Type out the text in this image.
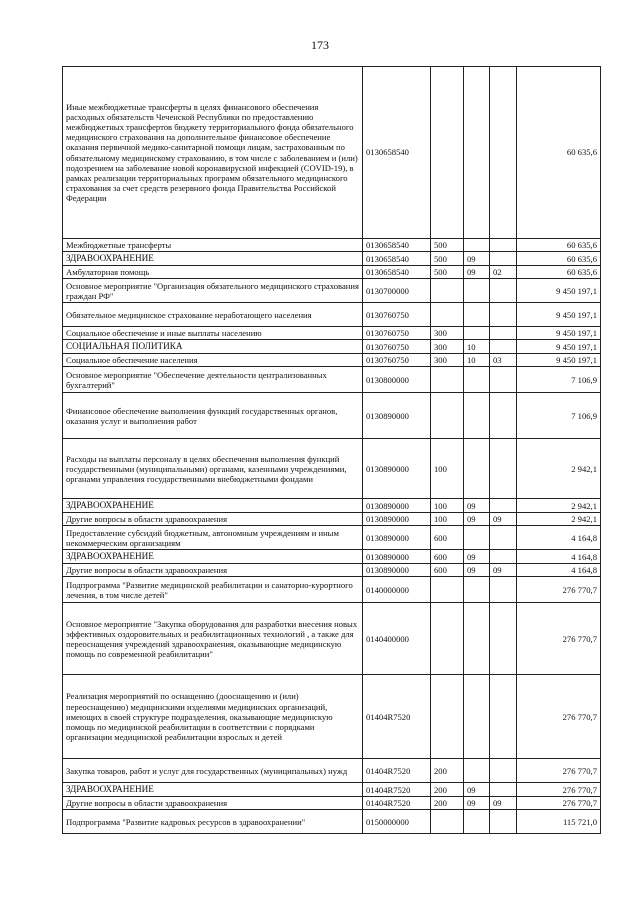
173
Иные межбюджетные трансферты в целях финансового обеспечения расходных обязательств Чеченской Республики по предоставлению межбюджетных трансфертов бюджету территориального фонда обязательного медицинского страхования на дополнительное финансовое обеспечение оказания первичной медико-санитарной помощи лицам, застрахованным по обязательному медицинскому страхованию, в том числе с заболеванием и (или) подозрением на заболевание новой коронавирусной инфекцией (COVID-19), в рамках реализации территориальных программ обязательного медицинского страхования за счет средств резервного фонда Правительства Российской Федерации	0130658540				60 635,6
Межбюджетные трансферты	0130658540	500			60 635,6
ЗДРАВООХРАНЕНИЕ	0130658540	500	09		60 635,6
Амбулаторная помощь	0130658540	500	09	02	60 635,6
Основное мероприятие "Организация обязательного медицинского страхования граждан РФ"	0130700000				9 450 197,1
Обязательное медицинское страхование неработающего населения	0130760750				9 450 197,1
Социальное обеспечение и иные выплаты населению	0130760750	300			9 450 197,1
СОЦИАЛЬНАЯ ПОЛИТИКА	0130760750	300	10		9 450 197,1
Социальное обеспечение населения	0130760750	300	10	03	9 450 197,1
Основное мероприятие "Обеспечение деятельности централизованных бухгалтерий"	0130800000				7 106,9
Финансовое обеспечение выполнения функций государственных органов, оказания услуг и выполнения работ	0130890000				7 106,9
Расходы на выплаты персоналу в целях обеспечения выполнения функций государственными (муниципальными) органами, казенными учреждениями, органами управления государственными внебюджетными фондами	0130890000	100			2 942,1
ЗДРАВООХРАНЕНИЕ	0130890000	100	09		2 942,1
Другие вопросы в области здравоохранения	0130890000	100	09	09	2 942,1
Предоставление субсидий бюджетным, автономным учреждениям и иным некоммерческим организациям	0130890000	600			4 164,8
ЗДРАВООХРАНЕНИЕ	0130890000	600	09		4 164,8
Другие вопросы в области здравоохранения	0130890000	600	09	09	4 164,8
Подпрограмма "Развитие медицинской реабилитации и санаторно-курортного лечения, в том числе детей"	0140000000				276 770,7
Основное мероприятие "Закупка оборудования для разработки внесения новых эффективных оздоровительных и реабилитационных технологий , а также для переоснащения учреждений здравоохранения, оказывающие медицинскую помощь по современной реабилитации"	0140400000				276 770,7
Реализация мероприятий по оснащению (дооснащению и (или) переоснащению) медицинскими изделиями медицинских организаций, имеющих в своей структуре подразделения, оказывающие медицинскую помощь по медицинской реабилитации в соответствии с порядками организации медицинской реабилитации взрослых и детей	01404R7520				276 770,7
Закупка товаров, работ и услуг для государственных (муниципальных) нужд	01404R7520	200			276 770,7
ЗДРАВООХРАНЕНИЕ	01404R7520	200	09		276 770,7
Другие вопросы в области здравоохранения	01404R7520	200	09	09	276 770,7
Подпрограмма "Развитие кадровых ресурсов в здравоохранении"	0150000000				115 721,0
